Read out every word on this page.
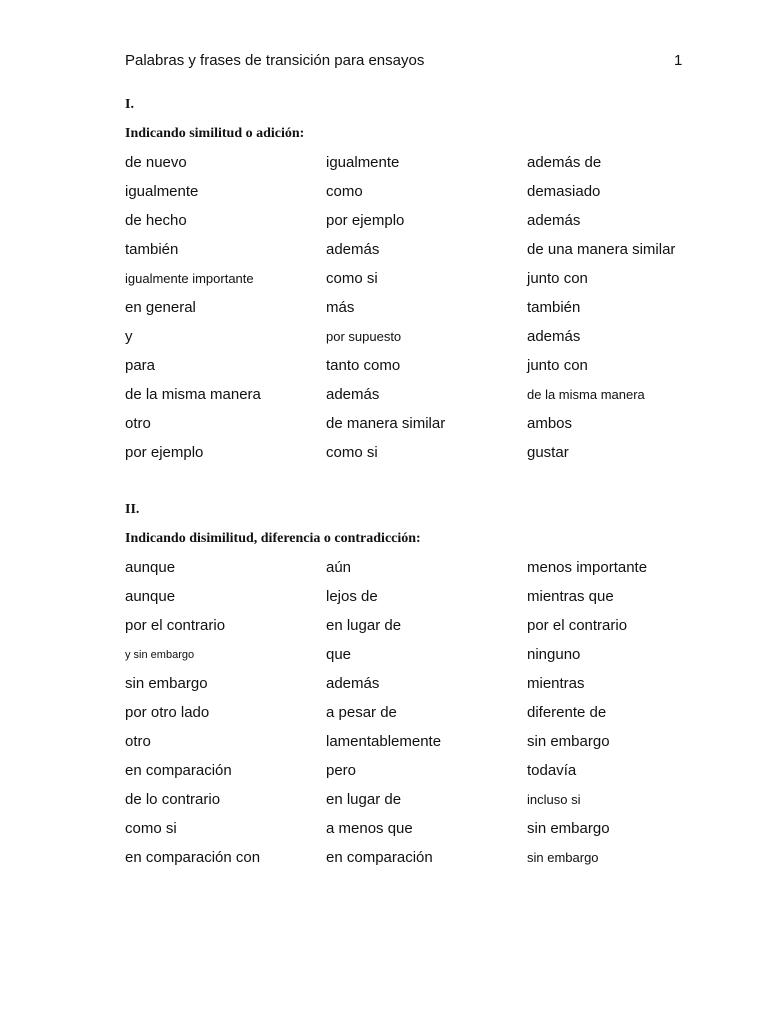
Palabras y frases de transición para ensayos	1
I.
Indicando similitud o adición:
de nuevo	igualmente	además de
igualmente	como	demasiado
de hecho	por ejemplo	además
también	además	de una manera similar
igualmente importante	como si	junto con
en general	más	también
y	por supuesto	además
para	tanto como	junto con
de la misma manera	además	de la misma manera
otro	de manera similar	ambos
por ejemplo	como si	gustar
II.
Indicando disimilitud, diferencia o contradicción:
aunque	aún	menos importante
aunque	lejos de	mientras que
por el contrario	en lugar de	por el contrario
y sin embargo	que	ninguno
sin embargo	además	mientras
por otro lado	a pesar de	diferente de
otro	lamentablemente	sin embargo
en comparación	pero	todavía
de lo contrario	en lugar de	incluso si
como si	a menos que	sin embargo
en comparación con	en comparación	sin embargo
